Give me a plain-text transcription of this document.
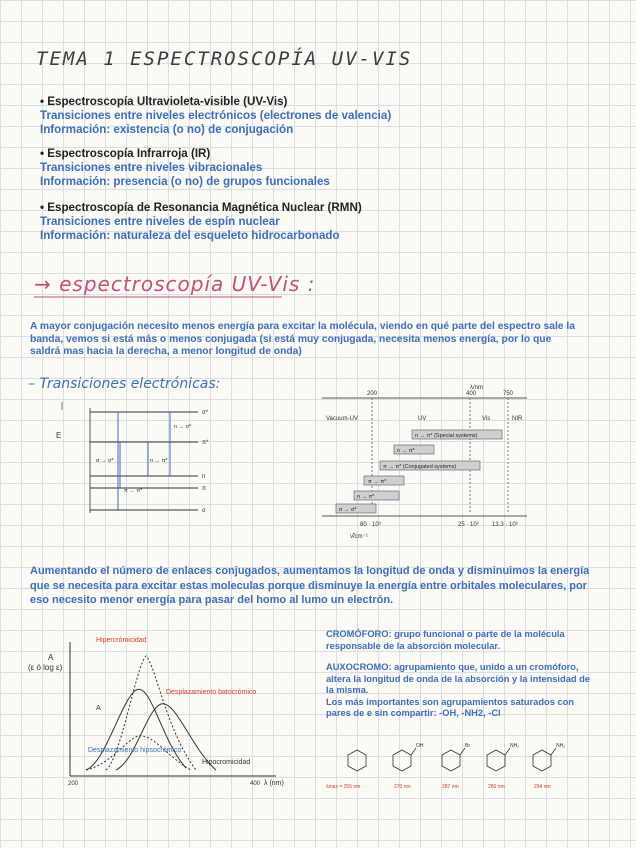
TEMA 1 ESPECTROSCOPÍA UV-VIS
• Espectroscopía Ultravioleta-visible (UV-Vis)
Transiciones entre niveles electrónicos (electrones de valencia)
Información: existencia (o no) de conjugación
• Espectroscopía Infrarroja (IR)
Transiciones entre niveles vibracionales
Información: presencia (o no) de grupos funcionales
• Espectroscopía de Resonancia Magnética Nuclear (RMN)
Transiciones entre niveles de espín nuclear
Información: naturaleza del esqueleto hidrocarbonado
→ espectroscopía UV-Vis :
A mayor conjugación necesito menos energía para excitar la molécula, viendo en qué parte del espectro sale la banda, vemos si está más o menos conjugada (si está muy conjugada, necesita menos energía, por lo que saldrá mas hacia la derecha, a menor longitud de onda)
– Transiciones electrónicas:
E
σ*
π*
n
π
σ
n → σ*
σ → σ*	n → π*
π → π*
λ/nm
200	400	750
Vacuum-UV	UV	Vis	NIR
n → π* (Special systems)
n → π*
π → π* (Conjugated systems)
π → π*
n → σ*
σ → σ*
80 · 10³	25 · 10³ 13.3 · 10³
ν̃/cm⁻¹
Aumentando el número de enlaces conjugados, aumentamos la longitud de onda y disminuimos la energía que se necesita para excitar estas moleculas porque disminuye la energía entre orbitales moleculares, por eso necesito menor energía para pasar del homo al lumo un electrón.
A
(ε ó log ε)
A
Hipercrómicidad
Desplazamiento batocrómico
Desplazamiento hipsocrómico
Hipocromicidad
200	400 λ (nm)
CROMÓFORO: grupo funcional o parte de la molécula responsable de la absorción molecular.
AUXOCROMO: agrupamiento que, unido a un cromóforo, altera la longitud de onda de la absorción y la intensidad de la misma.
Los más importantes son agrupamientos saturados con pares de e sin compartir: -OH, -NH2, -Cl
λmax = 255 nm
OH
270 nm
Br
287 nm
NH₂
280 nm
NH₂
294 nm
